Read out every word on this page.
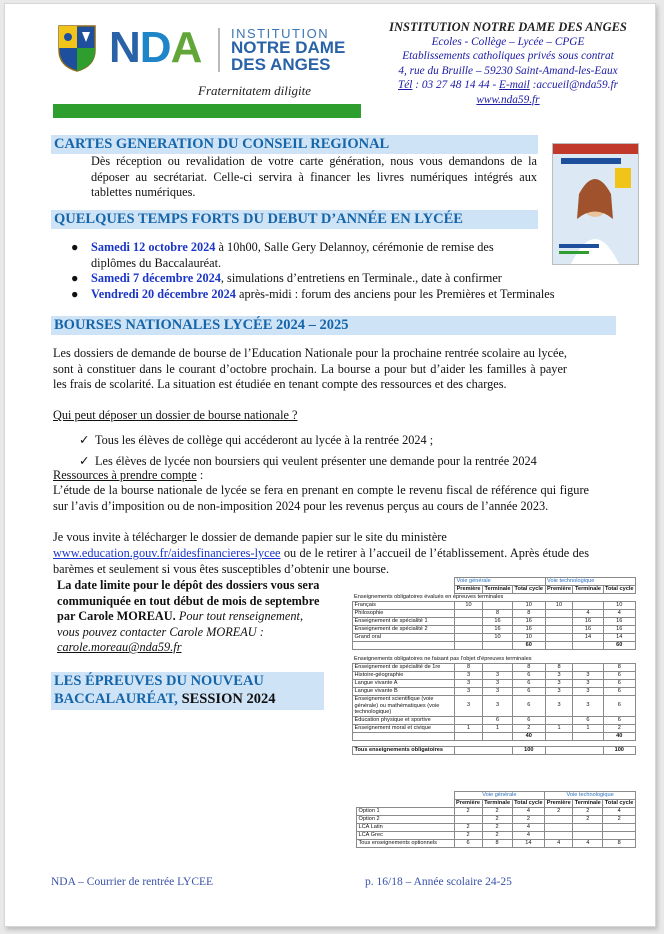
NDA INSTITUTION
NOTRE DAME
DES ANGES
Fraternitatem diligite
INSTITUTION NOTRE DAME DES ANGES
Ecoles - Collège – Lycée – CPGE
Etablissements catholiques privés sous contrat
4, rue du Bruille – 59230 Saint-Amand-les-Eaux
Tél : 03 27 48 14 44 - E-mail :accueil@nda59.fr
www.nda59.fr
CARTES GENERATION DU CONSEIL REGIONAL
Dès réception ou revalidation de votre carte génération, nous vous demandons de la déposer au secrétariat. Celle-ci servira à financer les livres numériques intégrés aux tablettes numériques.
QUELQUES TEMPS FORTS DU DEBUT D’ANNÉE EN LYCÉE
● Samedi 12 octobre 2024 à 10h00, Salle Gery Delannoy, cérémonie de remise des diplômes du Baccalauréat.
● Samedi 7 décembre 2024, simulations d’entretiens en Terminale., date à confirmer
● Vendredi 20 décembre 2024 après-midi : forum des anciens pour les Premières et Terminales
BOURSES NATIONALES LYCÉE 2024 – 2025
Les dossiers de demande de bourse de l’Education Nationale pour la prochaine rentrée scolaire au lycée, sont à constituer dans le courant d’octobre prochain. La bourse a pour but d’aider les familles à payer les frais de scolarité. La situation est étudiée en tenant compte des ressources et des charges.
Qui peut déposer un dossier de bourse nationale ?
✓ Tous les élèves de collège qui accéderont au lycée à la rentrée 2024 ;
✓ Les élèves de lycée non boursiers qui veulent présenter une demande pour la rentrée 2024
Ressources à prendre compte :
L’étude de la bourse nationale de lycée se fera en prenant en compte le revenu fiscal de référence qui figure sur l’avis d’imposition ou de non-imposition 2024 pour les revenus perçus au cours de l’année 2023.
Je vous invite à télécharger le dossier de demande papier sur le site du ministère
www.education.gouv.fr/aidesfinancieres-lycee ou de le retirer à l’accueil de l’établissement. Après étude des barèmes et seulement si vous êtes susceptibles d’obtenir une bourse.
La date limite pour le dépôt des dossiers vous sera communiquée en tout début de mois de septembre par Carole MOREAU. Pour tout renseignement, vous pouvez contacter Carole MOREAU : carole.moreau@nda59.fr
LES ÉPREUVES DU NOUVEAU
BACCALAURÉAT, SESSION 2024
	Voie générale			Voie technologique		
	Première	Terminale	Total cycle	Première	Terminale	Total cycle
Enseignements obligatoires évalués en épreuves terminales						
Français	10		10	10		10
Philosophie		8	8		4	4
Enseignement de spécialité 1		16	16		16	16
Enseignement de spécialité 2		16	16		16	16
Grand oral		10	10		14	14
			60			60

Enseignements obligatoires ne faisant pas l’objet d’épreuves terminales						
Enseignement de spécialité de 1re	8		8	8		8
Histoire-géographie	3	3	6	3	3	6
Langue vivante A	3	3	6	3	3	6
Langue vivante B	3	3	6	3	3	6
Enseignement scientifique (voie générale) ou mathématiques (voie technologique)	3	3	6	3	3	6
Éducation physique et sportive		6	6		6	6
Enseignement moral et civique	1	1	2	1	1	2
			40			40

Tous enseignements obligatoires			100			100
	Voie générale			Voie technologique		
	Première	Terminale	Total cycle	Première	Terminale	Total cycle
Option 1	2	2	4	2	2	4
Option 2		2	2		2	2
LCA Latin	2	2	4			
LCA Grec	2	2	4			
Tous enseignements optionnels	6	8	14	4	4	8
NDA – Courrier de rentrée LYCEE	p. 16/18 – Année scolaire 24-25
